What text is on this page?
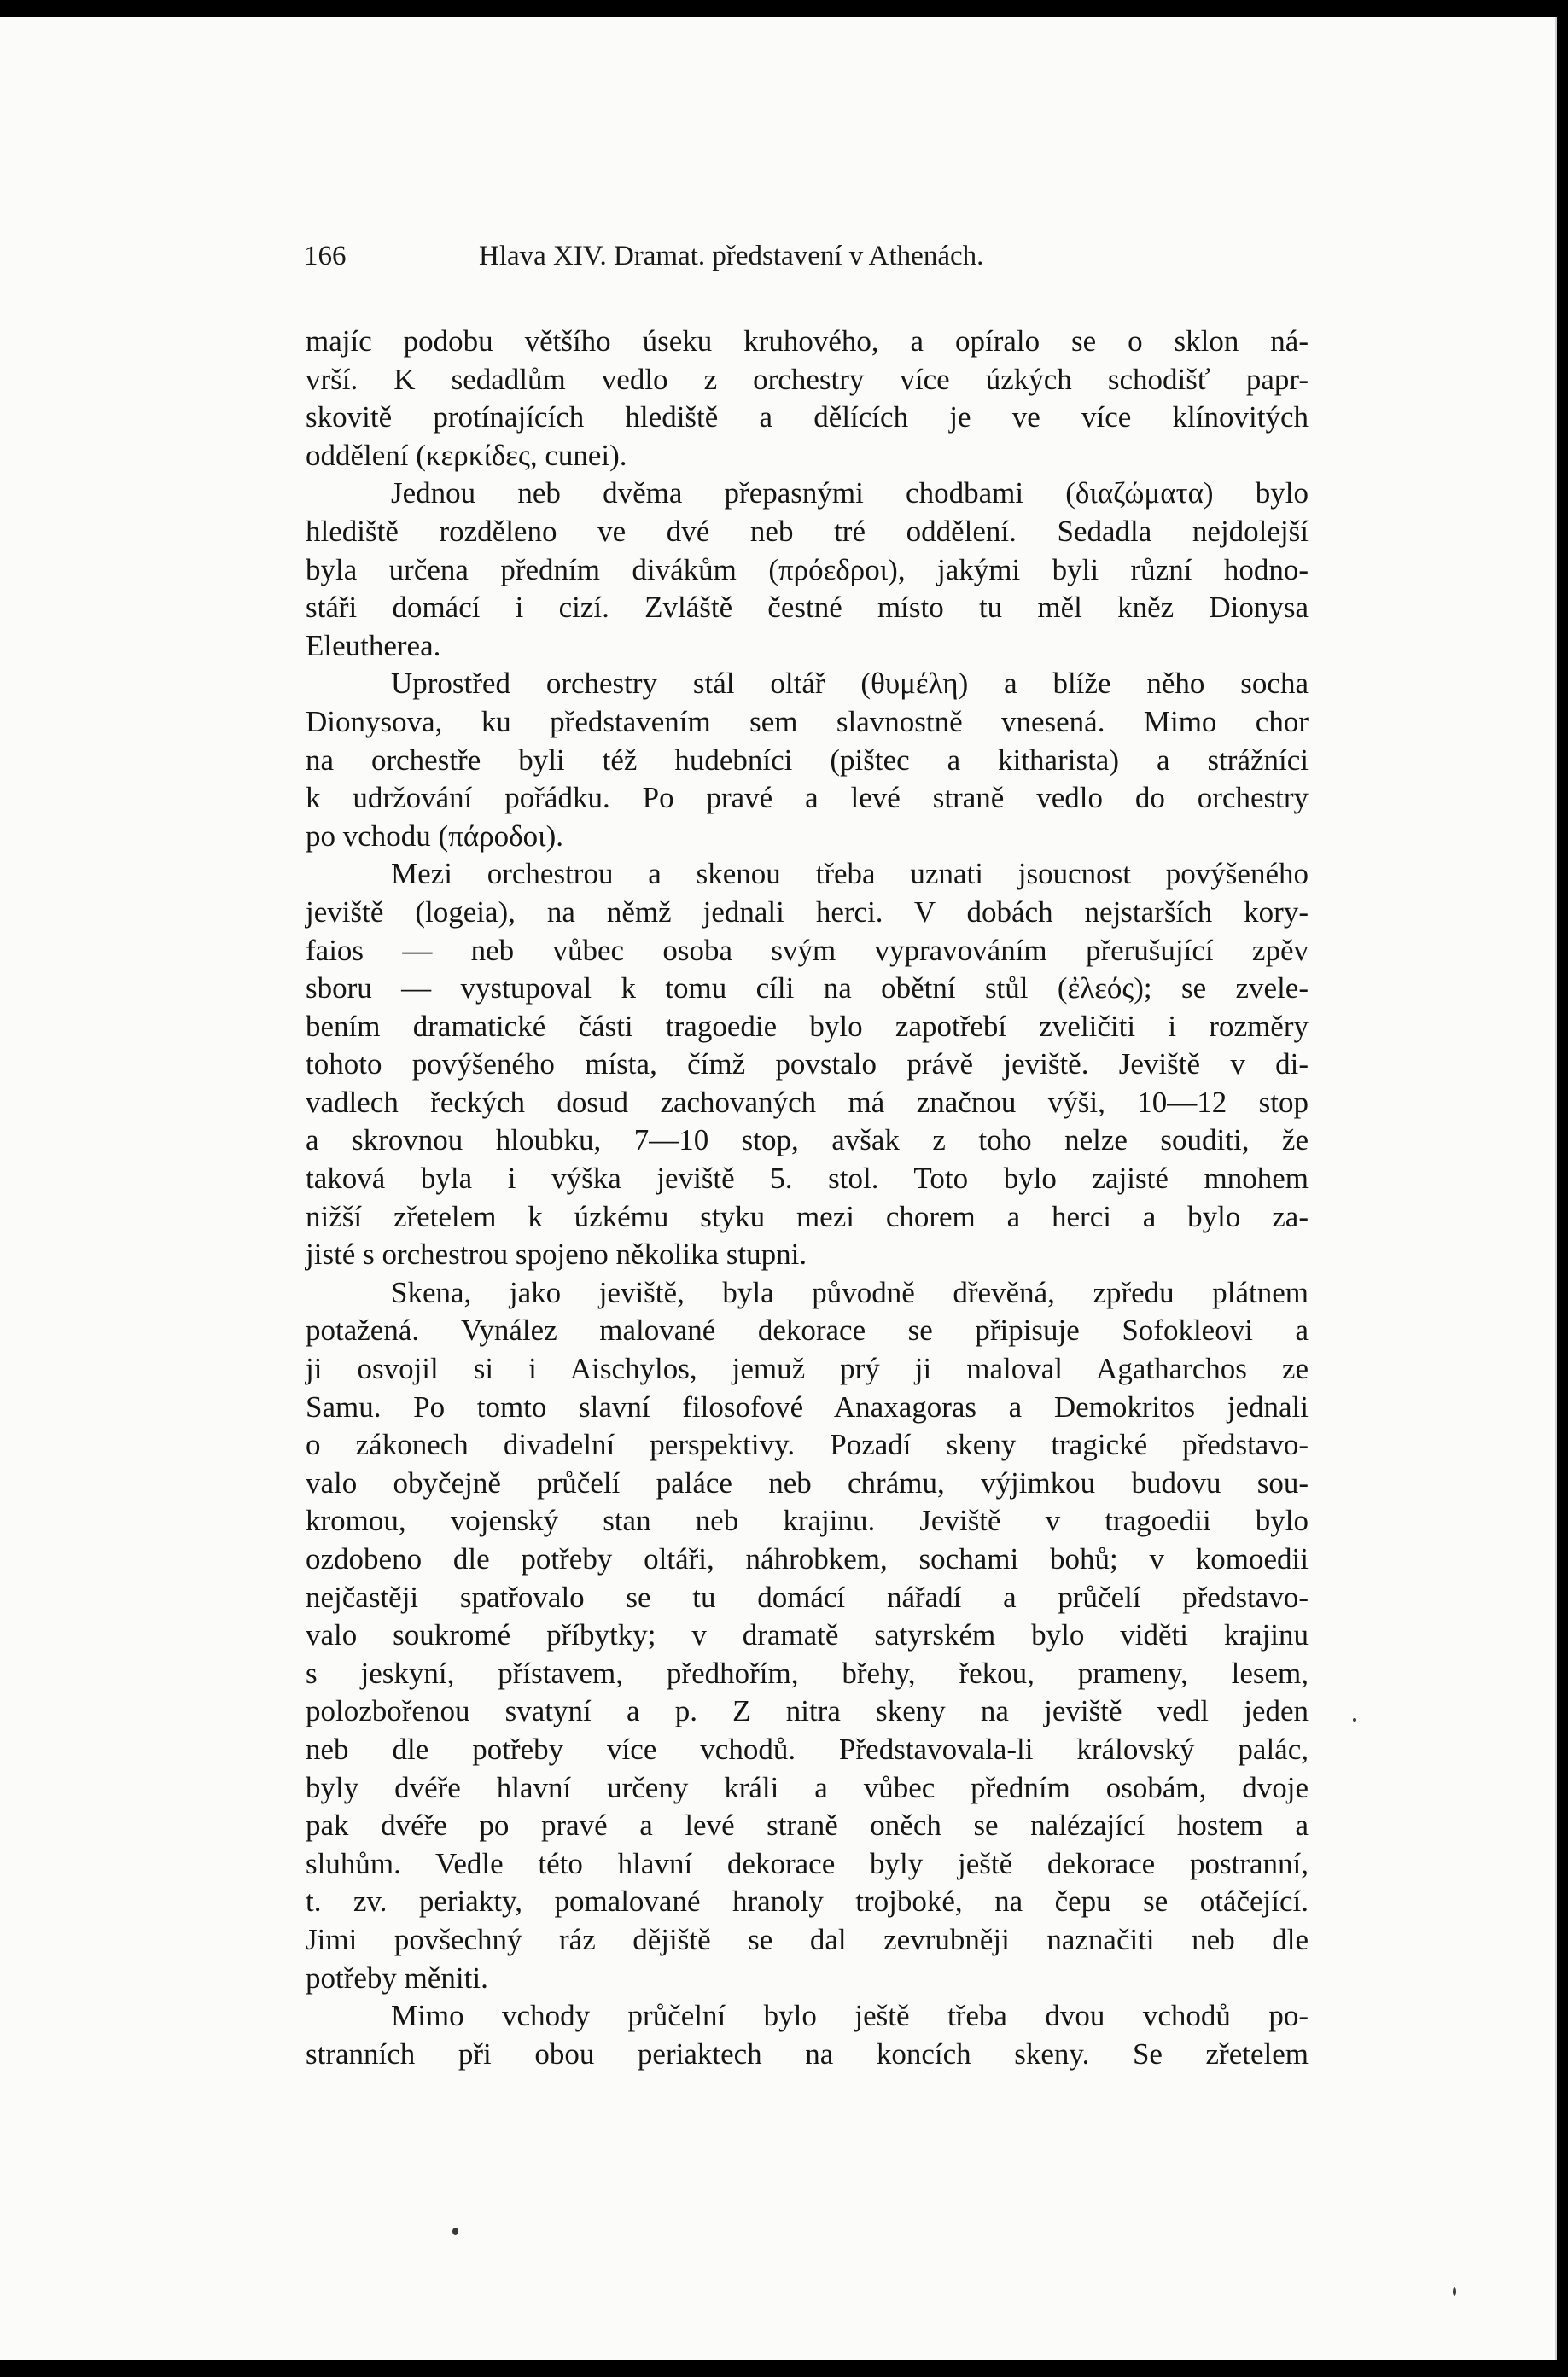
166	Hlava XIV. Dramat. představení v Athenách.

majíc podobu většího úseku kruhového, a opíralo se o sklon ná-

vrší. K sedadlům vedlo z orchestry více úzkých schodišť papr-

skovitě protínajících hlediště a dělících je ve více klínovitých

oddělení (κερκίδες, cunei).

Jednou neb dvěma přepasnými chodbami (διαζώματα) bylo

hlediště rozděleno ve dvé neb tré oddělení. Sedadla nejdolejší

byla určena předním divákům (πρόεδροι), jakými byli různí hodno-

stáři domácí i cizí. Zvláště čestné místo tu měl kněz Dionysa

Eleutherea.

Uprostřed orchestry stál oltář (θυμέλη) a blíže něho socha

Dionysova, ku představením sem slavnostně vnesená. Mimo chor

na orchestře byli též hudebníci (pištec a kitharista) a strážníci

k udržování pořádku. Po pravé a levé straně vedlo do orchestry

po vchodu (πάροδοι).

Mezi orchestrou a skenou třeba uznati jsoucnost povýšeného

jeviště (logeia), na němž jednali herci. V dobách nejstarších kory-

faios — neb vůbec osoba svým vypravováním přerušující zpěv

sboru — vystupoval k tomu cíli na obětní stůl (ἐλεός); se zvele-

bením dramatické části tragoedie bylo zapotřebí zveličiti i rozměry

tohoto povýšeného místa, čímž povstalo právě jeviště. Jeviště v di-

vadlech řeckých dosud zachovaných má značnou výši, 10—12 stop

a skrovnou hloubku, 7—10 stop, avšak z toho nelze souditi, že

taková byla i výška jeviště 5. stol. Toto bylo zajisté mnohem

nižší zřetelem k úzkému styku mezi chorem a herci a bylo za-

jisté s orchestrou spojeno několika stupni.

Skena, jako jeviště, byla původně dřevěná, zpředu plátnem

potažená. Vynález malované dekorace se připisuje Sofokleovi a

ji osvojil si i Aischylos, jemuž prý ji maloval Agatharchos ze

Samu. Po tomto slavní filosofové Anaxagoras a Demokritos jednali

o zákonech divadelní perspektivy. Pozadí skeny tragické představo-

valo obyčejně průčelí paláce neb chrámu, výjimkou budovu sou-

kromou, vojenský stan neb krajinu. Jeviště v tragoedii bylo

ozdobeno dle potřeby oltáři, náhrobkem, sochami bohů; v komoedii

nejčastěji spatřovalo se tu domácí nářadí a průčelí představo-

valo soukromé příbytky; v dramatě satyrském bylo viděti krajinu

s jeskyní, přístavem, předhořím, břehy, řekou, prameny, lesem,

polozbořenou svatyní a p. Z nitra skeny na jeviště vedl jeden

neb dle potřeby více vchodů. Představovala-li královský palác,

byly dvéře hlavní určeny králi a vůbec předním osobám, dvoje

pak dvéře po pravé a levé straně oněch se nalézající hostem a

sluhům. Vedle této hlavní dekorace byly ještě dekorace postranní,

t. zv. periakty, pomalované hranoly trojboké, na čepu se otáčející.

Jimi povšechný ráz dějiště se dal zevrubněji naznačiti neb dle

potřeby měniti.

Mimo vchody průčelní bylo ještě třeba dvou vchodů po-

stranních při obou periaktech na koncích skeny. Se zřetelem
